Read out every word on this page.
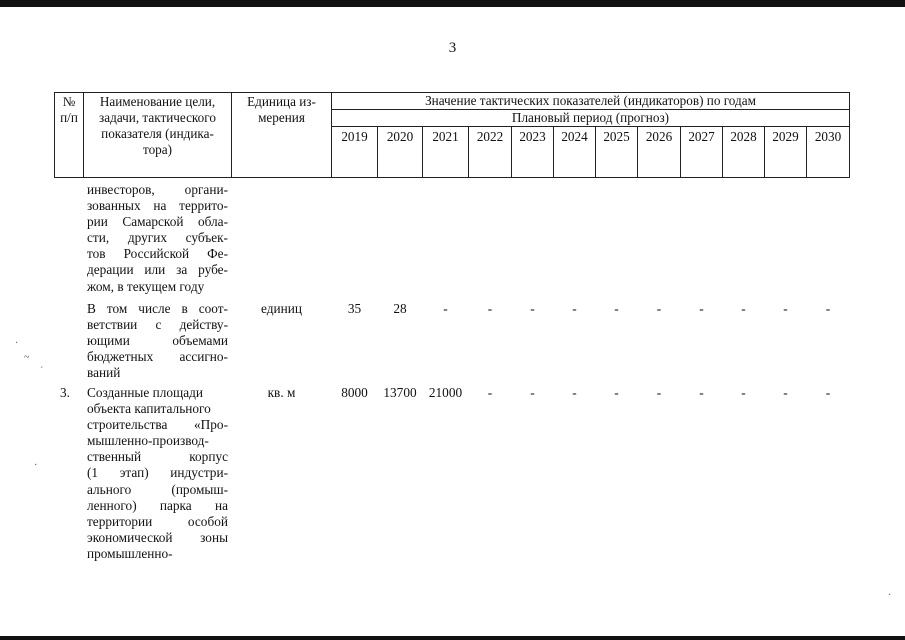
3
№
п/п
Наименование цели,
задачи, тактического
показателя (индика-
тора)
Единица из-
мерения
Значение тактических показателей (индикаторов) по годам
Плановый период (прогноз)
2019	2020	2021	2022	2023	2024	2025	2026	2027	2028	2029	2030
инвесторов, органи-
зованных на террито-
рии Самарской обла-
сти, других субъек-
тов Российской Фе-
дерации или за рубе-
жом, в текущем году
В том числе в соот-
ветствии с действу-
ющими объемами
бюджетных ассигно-
ваний
единиц	35	28	-	-	-	-	-	-	-	-	-	-
3.	Созданные площади
объекта капитального
строительства «Про-
мышленно-производ-
ственный корпус
(1 этап) индустри-
ального (промыш-
ленного) парка на
территории особой
экономической зоны
промышленно-
кв. м	8000	13700 21000	-	-	-	-	-	-	-	-	-
·
~
´
·
·
